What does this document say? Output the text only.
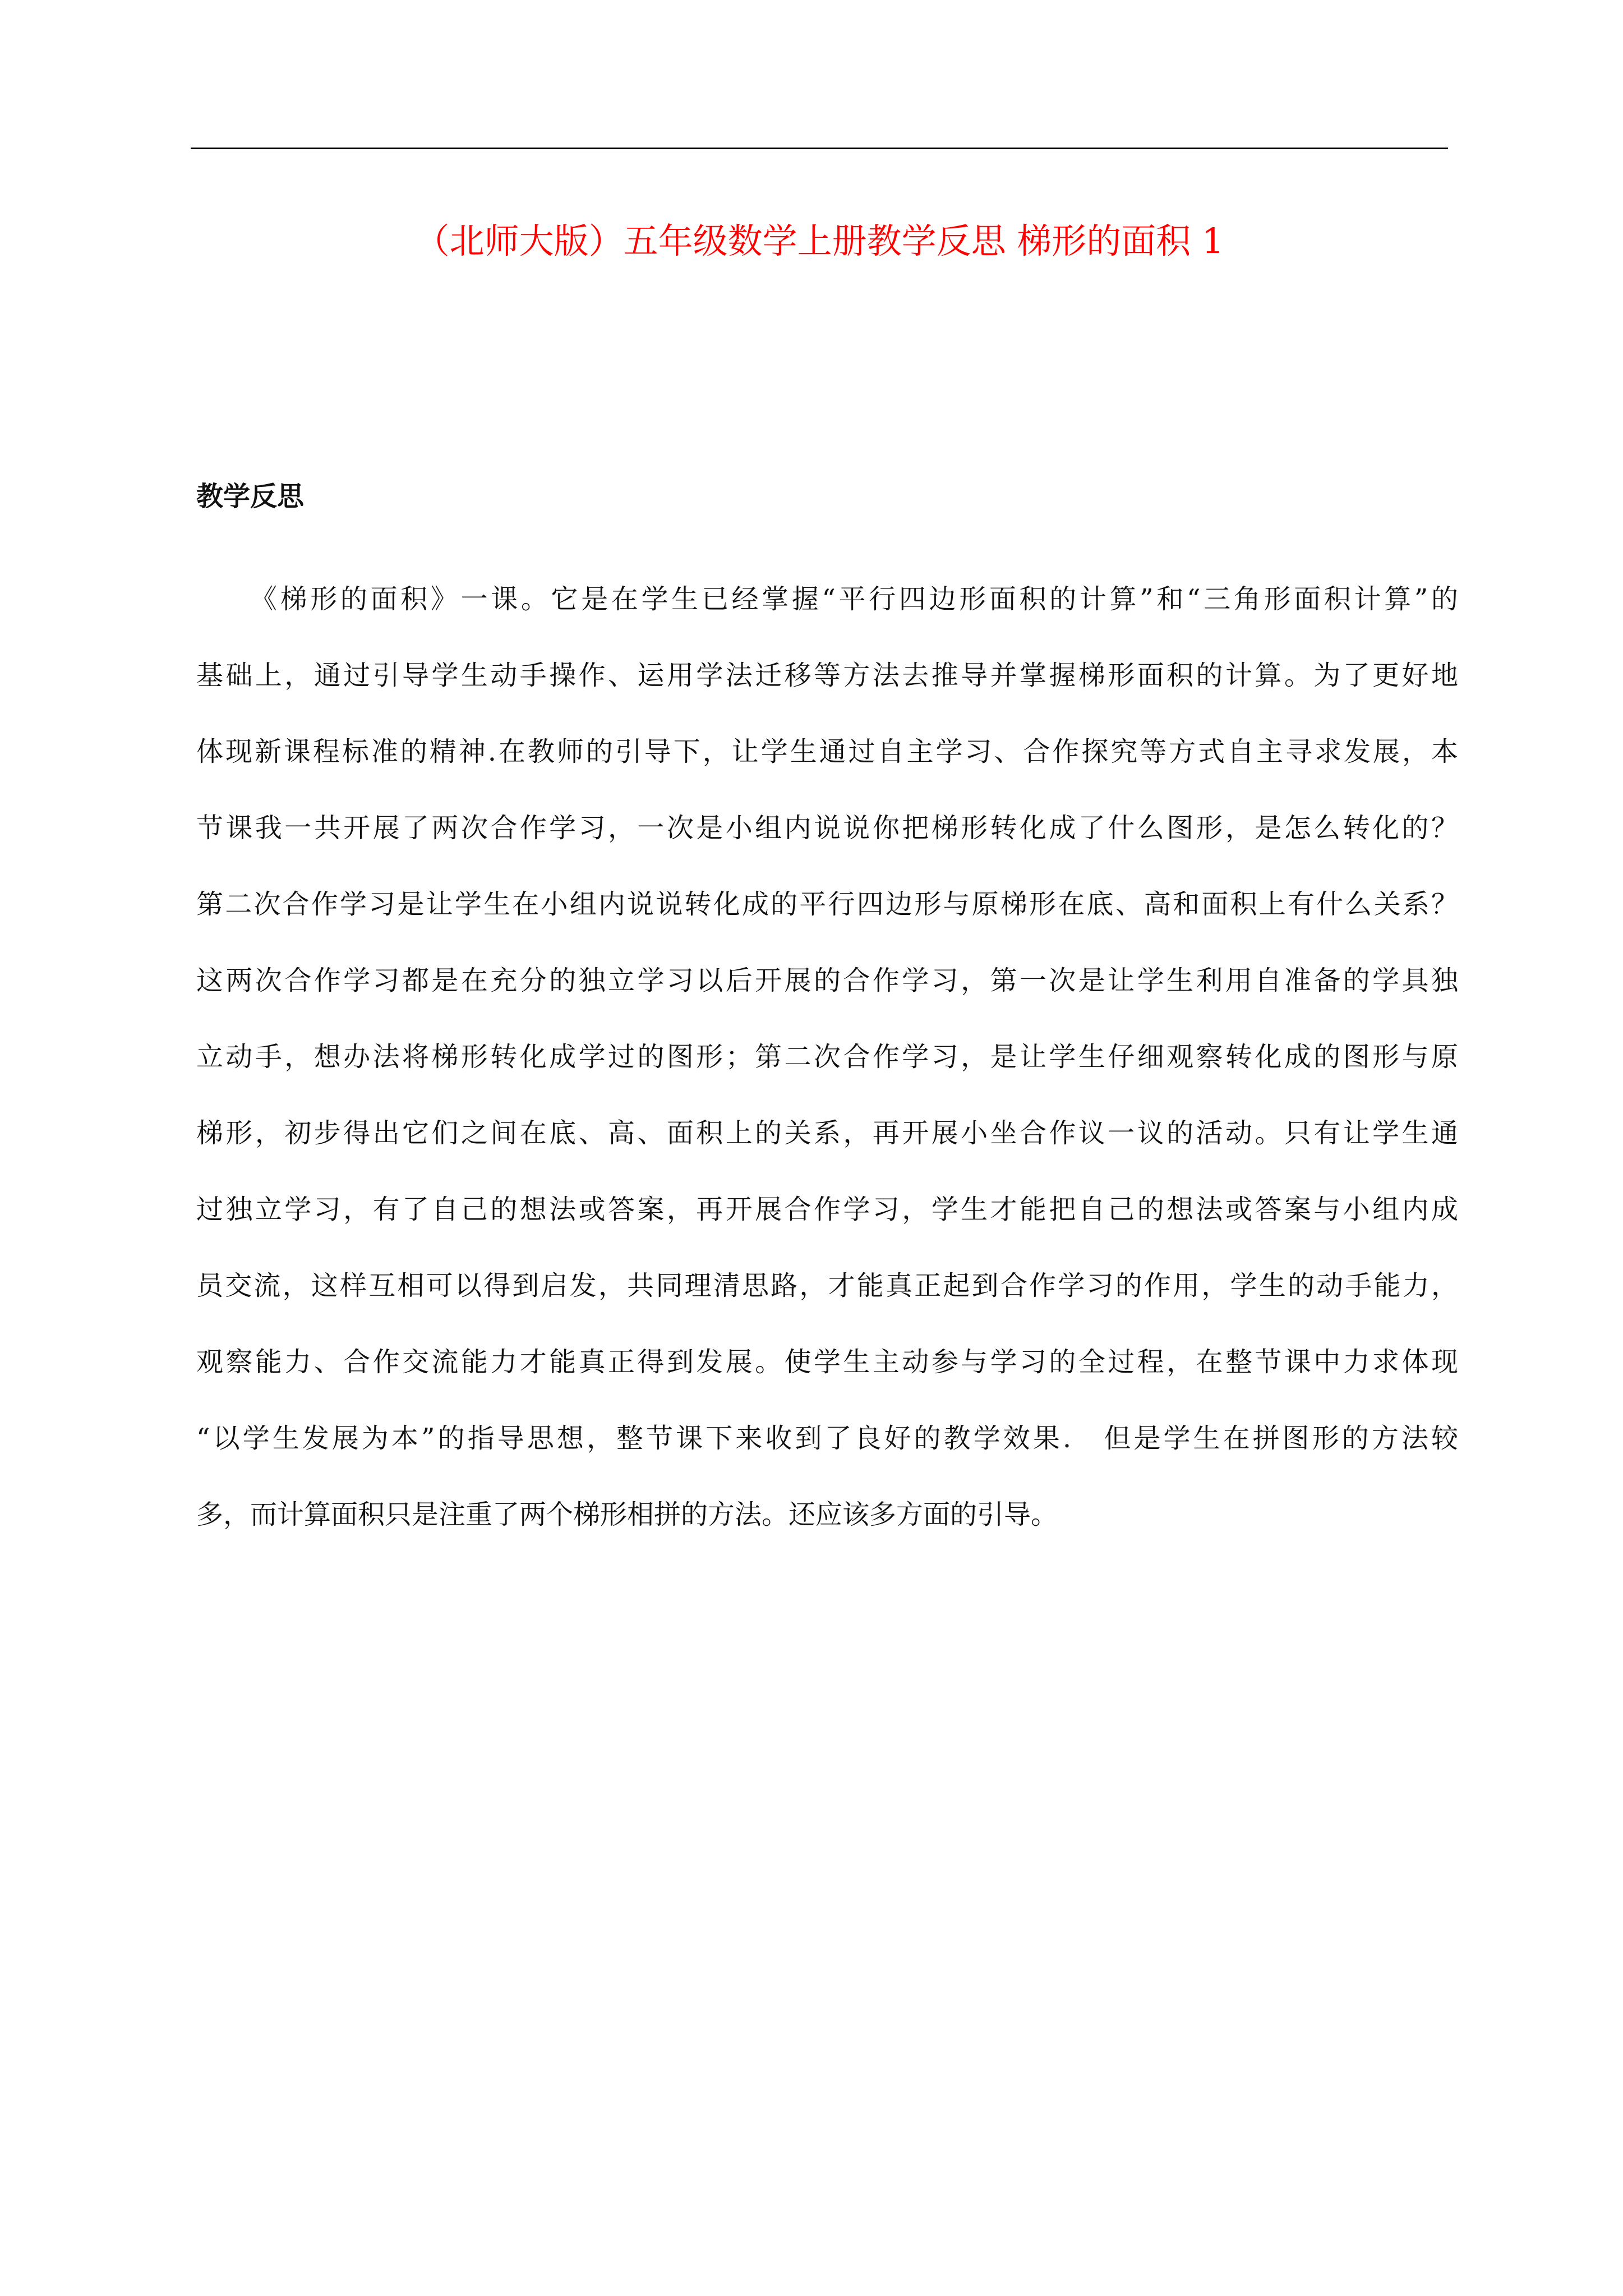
（北师大版）五年级数学上册教学反思 梯形的面积 1
教学反思
《梯形的面积》一课。它是在学生已经掌握“平行四边形面积的计算”和“三角形面积计算”的
基础上，通过引导学生动手操作、运用学法迁移等方法去推导并掌握梯形面积的计算。为了更好地
体现新课程标准的精神.在教师的引导下，让学生通过自主学习、合作探究等方式自主寻求发展，本
节课我一共开展了两次合作学习，一次是小组内说说你把梯形转化成了什么图形，是怎么转化的？
第二次合作学习是让学生在小组内说说转化成的平行四边形与原梯形在底、高和面积上有什么关系？
这两次合作学习都是在充分的独立学习以后开展的合作学习，第一次是让学生利用自准备的学具独
立动手，想办法将梯形转化成学过的图形；第二次合作学习，是让学生仔细观察转化成的图形与原
梯形，初步得出它们之间在底、高、面积上的关系，再开展小坐合作议一议的活动。只有让学生通
过独立学习，有了自己的想法或答案，再开展合作学习，学生才能把自己的想法或答案与小组内成
员交流，这样互相可以得到启发，共同理清思路，才能真正起到合作学习的作用，学生的动手能力，
观察能力、合作交流能力才能真正得到发展。使学生主动参与学习的全过程，在整节课中力求体现
“以学生发展为本”的指导思想，整节课下来收到了良好的教学效果.　但是学生在拼图形的方法较
多，而计算面积只是注重了两个梯形相拼的方法。还应该多方面的引导。
